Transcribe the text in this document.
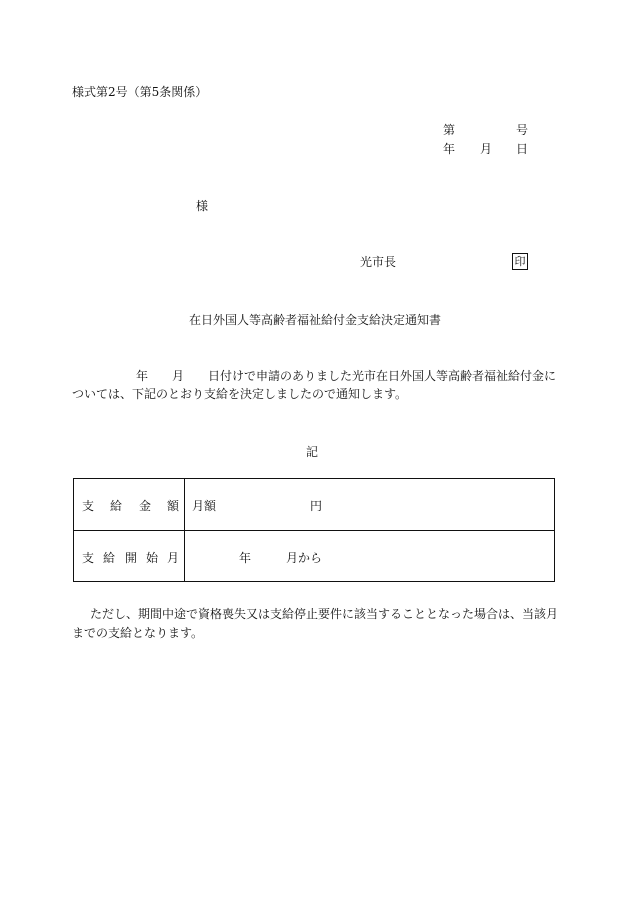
様式第2号（第5条関係）
第	号
年 月 日
様
光市長	印
在日外国人等高齢者福祉給付金支給決定通知書
年 月 日付けで申請のありました光市在日外国人等高齢者福祉給付金に
ついては、下記のとおり支給を決定しましたので通知します。
記
支 給 金 額 月額	円
支 給 開 始 月	年	月から
ただし、期間中途で資格喪失又は支給停止要件に該当することとなった場合は、当該月
までの支給となります。
